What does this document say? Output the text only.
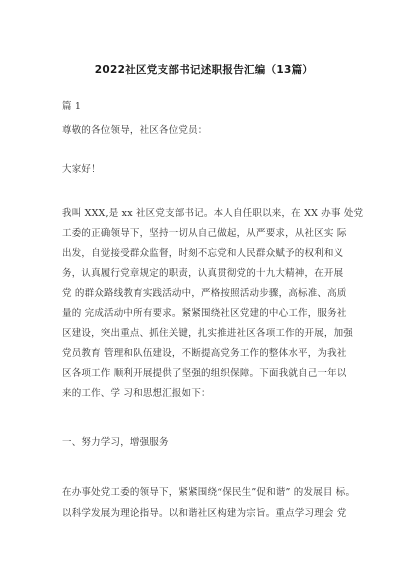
2022社区党支部书记述职报告汇编（13篇）
篇 1
尊敬的各位领导，社区各位党员：
大家好！
我叫 XXX,是 xx 社区党支部书记。本人自任职以来，在 XX 办事 处党
工委的正确领导下，坚持一切从自己做起，从严要求，从社区实 际
出发，自觉接受群众监督，时刻不忘党和人民群众赋予的权利和义
务，认真履行党章规定的职责，认真贯彻党的十九大精神，在开展
党 的群众路线教育实践活动中，严格按照活动步骤，高标准、高质
量的 完成活动中所有要求。紧紧围绕社区党建的中心工作，服务社
区建设，突出重点、抓住关键，扎实推进社区各项工作的开展，加强
党员教育 管理和队伍建设，不断提高党务工作的整体水平，为我社
区各项工作 顺利开展提供了坚强的组织保障。下面我就自己一年以
来的工作、学 习和思想汇报如下：
一、努力学习，增强服务
在办事处党工委的领导下，紧紧围绕“保民生”促和谐” 的发展目 标。
以科学发展为理论指导。以和谐社区构建为宗旨。重点学习理会 党
